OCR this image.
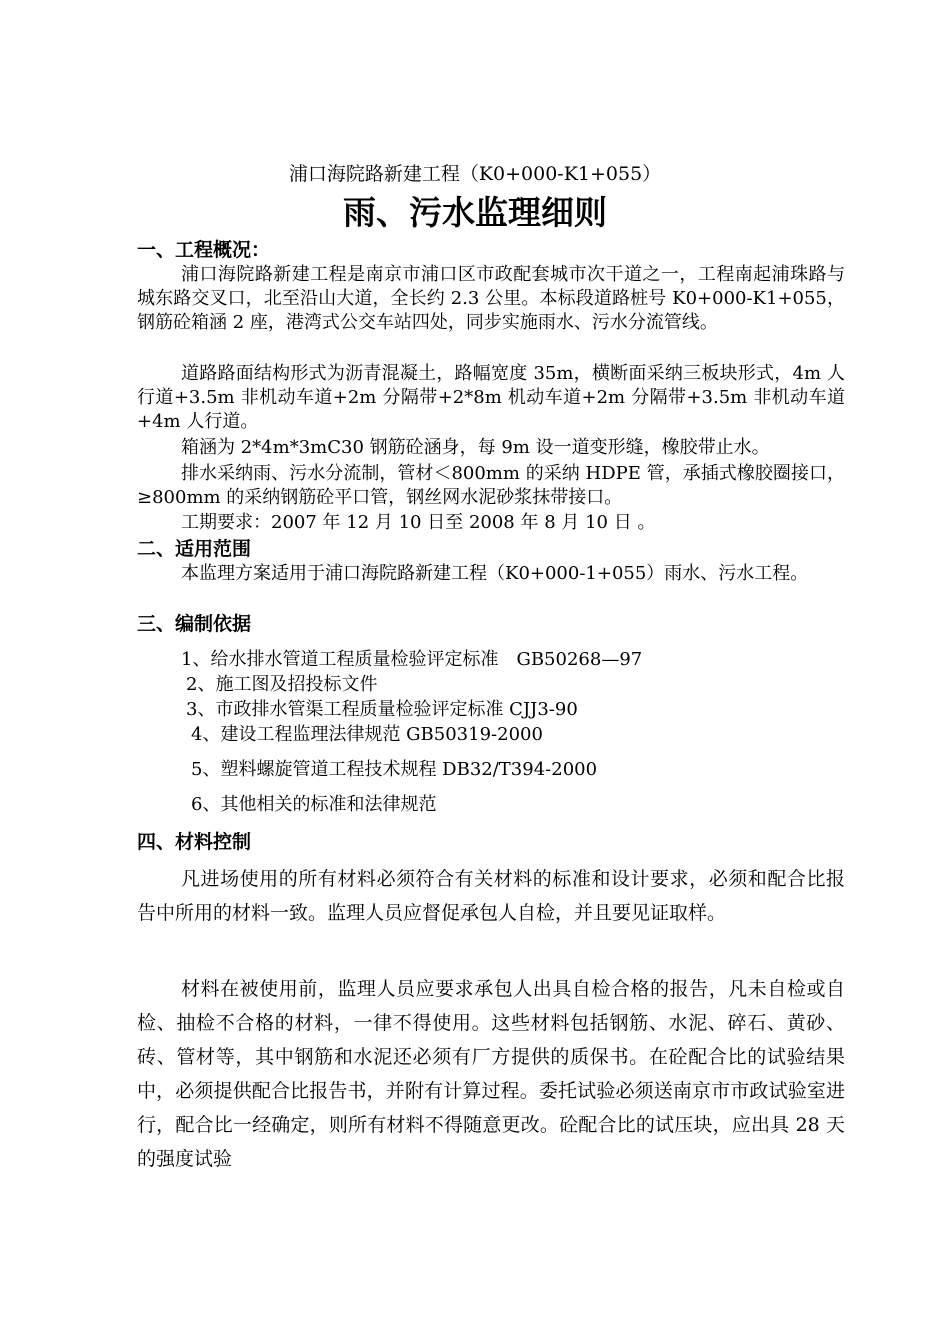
浦口海院路新建工程（K0+000-K1+055）
雨、污水监理细则
一、工程概况：
浦口海院路新建工程是南京市浦口区市政配套城市次干道之一，工程南起浦珠路与城东路交叉口，北至沿山大道，全长约 2.3 公里。本标段道路桩号 K0+000-K1+055，钢筋砼箱涵 2 座，港湾式公交车站四处，同步实施雨水、污水分流管线。
道路路面结构形式为沥青混凝土，路幅宽度 35m，横断面采纳三板块形式，4m 人行道+3.5m 非机动车道+2m 分隔带+2*8m 机动车道+2m 分隔带+3.5m 非机动车道+4m 人行道。
箱涵为 2*4m*3mC30 钢筋砼涵身，每 9m 设一道变形缝，橡胶带止水。
排水采纳雨、污水分流制，管材＜800mm 的采纳 HDPE 管，承插式橡胶圈接口，≥800mm 的采纳钢筋砼平口管，钢丝网水泥砂浆抹带接口。
工期要求：2007 年 12 月 10 日至 2008 年 8 月 10 日 。
二、适用范围
本监理方案适用于浦口海院路新建工程（K0+000-1+055）雨水、污水工程。
三、编制依据
1、给水排水管道工程质量检验评定标准　GB50268—97
2、施工图及招投标文件
3、市政排水管渠工程质量检验评定标准 CJJ3-90
4、建设工程监理法律规范 GB50319-2000
5、塑料螺旋管道工程技术规程 DB32/T394-2000
6、其他相关的标准和法律规范
四、材料控制
凡进场使用的所有材料必须符合有关材料的标准和设计要求，必须和配合比报告中所用的材料一致。监理人员应督促承包人自检，并且要见证取样。
材料在被使用前，监理人员应要求承包人出具自检合格的报告，凡未自检或自检、抽检不合格的材料，一律不得使用。这些材料包括钢筋、水泥、碎石、黄砂、砖、管材等，其中钢筋和水泥还必须有厂方提供的质保书。在砼配合比的试验结果中，必须提供配合比报告书，并附有计算过程。委托试验必须送南京市市政试验室进行，配合比一经确定，则所有材料不得随意更改。砼配合比的试压块，应出具 28 天的强度试验
